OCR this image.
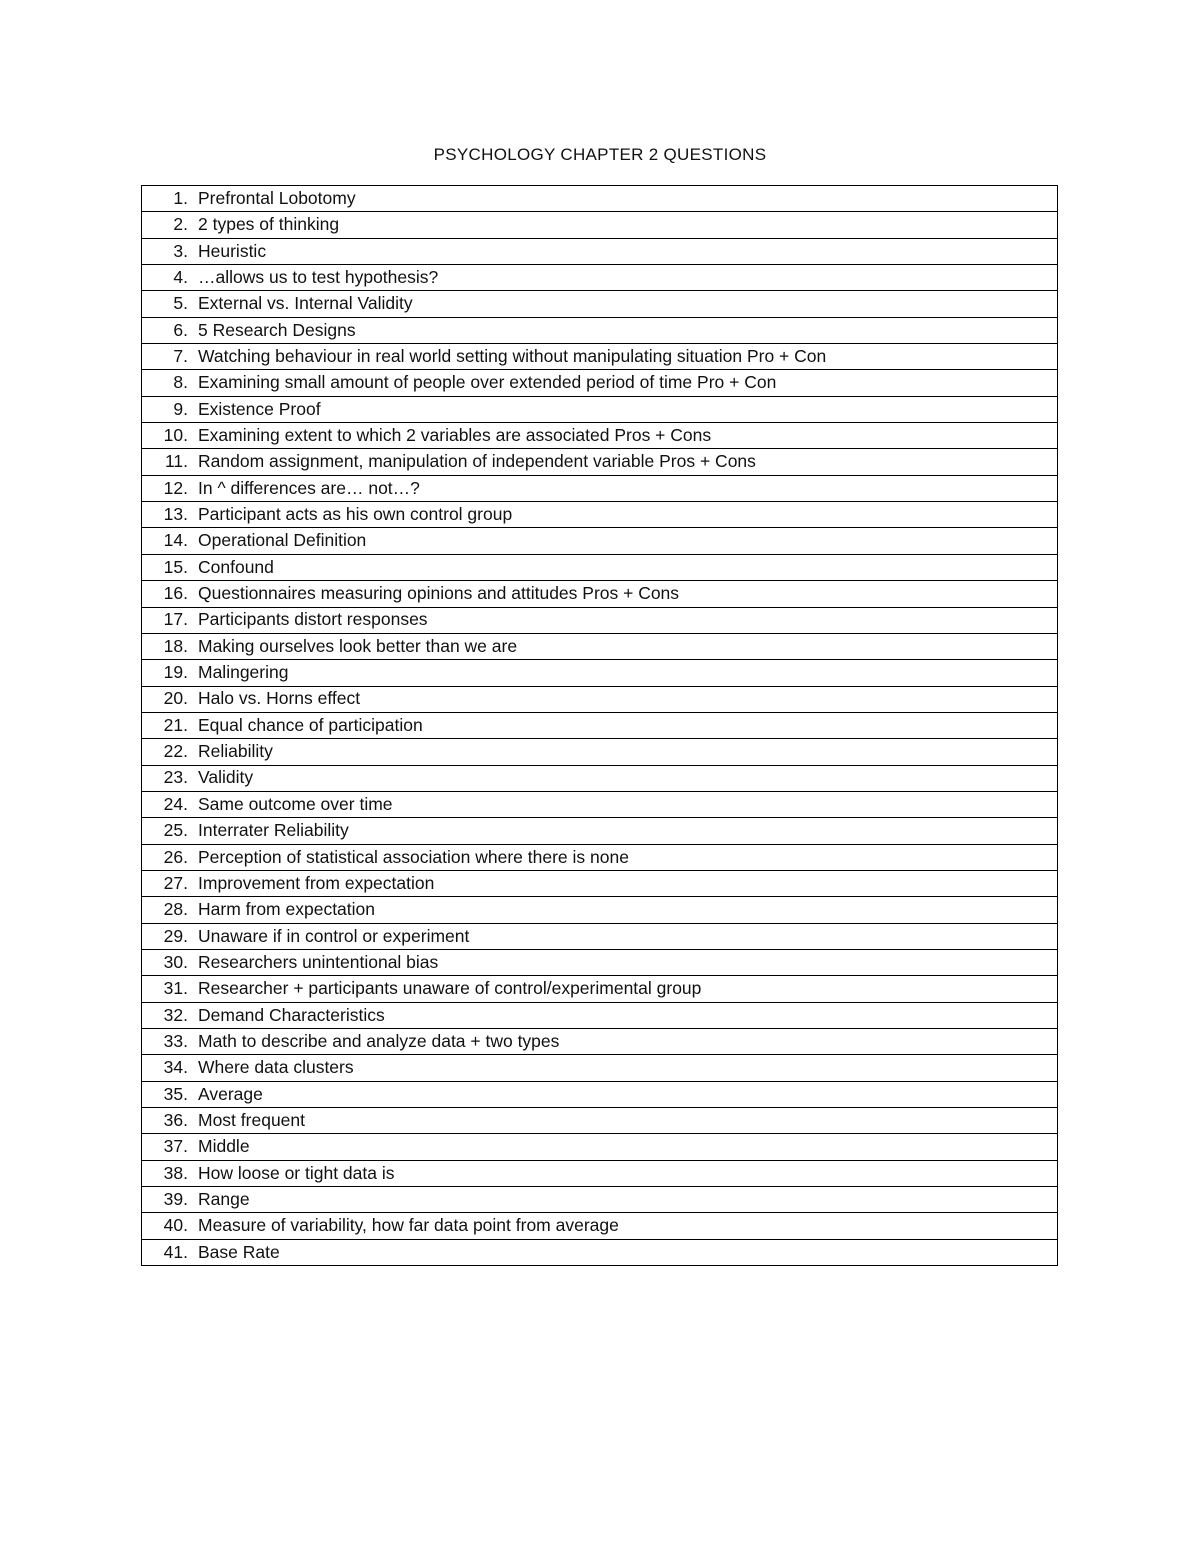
PSYCHOLOGY CHAPTER 2 QUESTIONS
1. Prefrontal Lobotomy
2. 2 types of thinking
3. Heuristic
4. …allows us to test hypothesis?
5. External vs. Internal Validity
6. 5 Research Designs
7. Watching behaviour in real world setting without manipulating situation Pro + Con
8. Examining small amount of people over extended period of time Pro + Con
9. Existence Proof
10. Examining extent to which 2 variables are associated Pros + Cons
11. Random assignment, manipulation of independent variable Pros + Cons
12. In ^ differences are… not…?
13. Participant acts as his own control group
14. Operational Definition
15. Confound
16. Questionnaires measuring opinions and attitudes Pros + Cons
17. Participants distort responses
18. Making ourselves look better than we are
19. Malingering
20. Halo vs. Horns effect
21. Equal chance of participation
22. Reliability
23. Validity
24. Same outcome over time
25. Interrater Reliability
26. Perception of statistical association where there is none
27. Improvement from expectation
28. Harm from expectation
29. Unaware if in control or experiment
30. Researchers unintentional bias
31. Researcher + participants unaware of control/experimental group
32. Demand Characteristics
33. Math to describe and analyze data + two types
34. Where data clusters
35. Average
36. Most frequent
37. Middle
38. How loose or tight data is
39. Range
40. Measure of variability, how far data point from average
41. Base Rate
